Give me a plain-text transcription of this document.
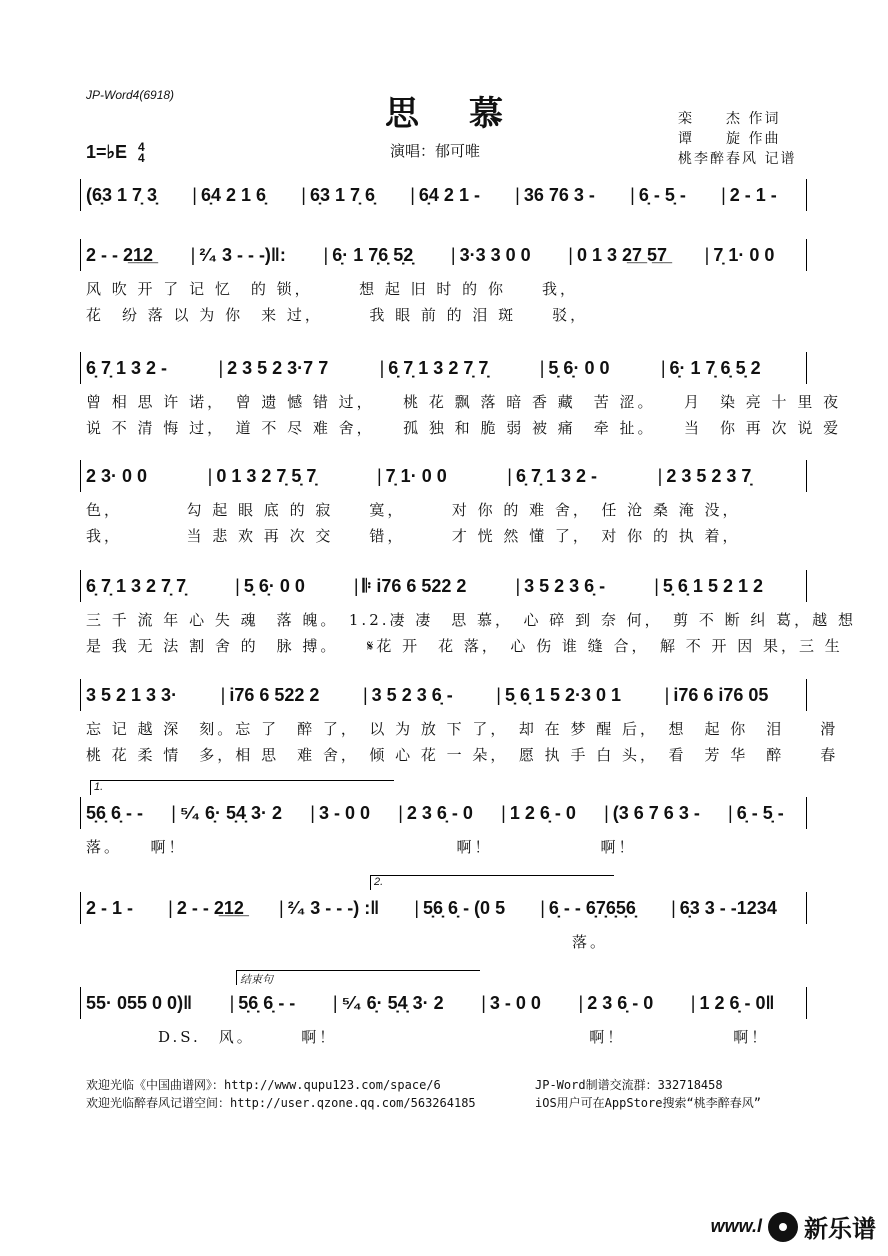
JP-Word4(6918)	思慕
1=♭E 4
4	演唱：郁可唯
栾　　杰 作词
谭　　旋 作曲
桃李醉春风 记谱
(6̣3 1 7̣ 3̣	| 6̣4 2 1 6̣	| 6̣3 1 7̣ 6̣	| 6̣4 2 1 -	| 36 76 3 -	| 6̣ - 5̣ -	| 2 - 1 -
2 - - 2̲1̲2̲	| ²⁄₄ 3 - - -)‖:	| 6̣· 1 7̣6̣ 5̣2̣	| 3·3 3 0 0	| 0 1 3 2̲7̲ 5̲7̲	| 7̣ 1· 0 0
风 吹 开 了 记 忆　的 锁，　　　想 起 旧 时 的 你　　我，
花　纷 落 以 为 你　来 过，　　　我 眼 前 的 泪 斑　　驳，
6̣ 7̣ 1 3 2 -	| 2 3 5 2 3·7 7	| 6̣ 7̣ 1 3 2 7̣ 7̣	| 5̣ 6̣· 0 0	| 6̣· 1 7̣ 6̣ 5̣ 2
曾 相 思 许 诺，　曾 遗 憾 错 过，　　桃 花 飘 落 暗 香 藏　苦 涩。　　月　染 亮 十 里 夜
说 不 清 悔 过，　道 不 尽 难 舍，　　孤 独 和 脆 弱 被 痛　牵 扯。　　当　你 再 次 说 爱
2 3· 0 0	| 0 1 3 2 7̣ 5̣ 7̣	| 7̣ 1· 0 0	| 6̣ 7̣ 1 3 2 -	| 2 3 5 2 3 7̣
色，　　　　勾 起 眼 底 的 寂　　寞，　　　对 你 的 难 舍，　任 沧 桑 淹 没，
我，　　　　当 悲 欢 再 次 交　　错，　　　才 恍 然 懂 了，　对 你 的 执 着，
6̣ 7̣ 1 3 2 7̣ 7̣	| 5̣ 6̣· 0 0	| 𝄆 i76 6 522 2	| 3 5 2 3 6̣ -	| 5̣ 6̣ 1 5 2 1 2
三 千 流 年 心 失 魂　落 魄。　1.2.凄 凄　思 慕，　心 碎 到 奈 何，　剪 不 断 纠 葛，越 想
是 我 无 法 割 舍 的　脉 搏。　　𝄋花 开　花 落，　心 伤 谁 缝 合，　解 不 开 因 果，三 生
3 5 2 1 3 3·	| i76 6 522 2	| 3 5 2 3 6̣ -	| 5̣ 6̣ 1 5 2·3 0 1	| i76 6 i76 05
忘 记 越 深　刻。忘 了　醉 了，　以 为 放 下 了，　却 在 梦 醒 后，　想　起 你　泪　　滑
桃 花 柔 情　多，相 思　难 舍，　倾 心 花 一 朵，　愿 执 手 白 头，　看　芳 华　醉　　春
1.
5̣6̣ 6̣ - -	| ⁵⁄₄ 6̣· 5̣4̣ 3· 2	| 3 - 0 0	| 2 3 6̣ - 0	| 1 2 6̣ - 0	| (3 6 7 6 3 -	| 6̣ - 5̣ -
落。　　啊！　　　　　　　　　　　　　　　啊！　　　　　　啊！
2.
2 - 1 -	| 2 - - 2̲1̲2̲	| ²⁄₄ 3 - - -) :‖	| 5̣6̣ 6̣ - (0 5	| 6̣ - - 6̣7̣6̣5̣6̣	| 6̣3 3 - -1234
　　　　　　　　　　　　　　　　　　　　　　　　　　　落。
结束句
55· 055 0 0)‖	| 5̣6̣ 6̣ - -	| ⁵⁄₄ 6̣· 5̣4̣ 3· 2	| 3 - 0 0	| 2 3 6̣ - 0	| 1 2 6̣ - 0‖
　　　　D.S.　风。　　　啊！　　　　　　　　　　　　　　啊！　　　　　　啊！
欢迎光临《中国曲谱网》：http://www.qupu123.com/space/6
欢迎光临醉春风记谱空间：http://user.qzone.qq.com/563264185
JP-Word制谱交流群：332718458
iOS用户可在AppStore搜索“桃李醉春风”
www.l 新乐谱
